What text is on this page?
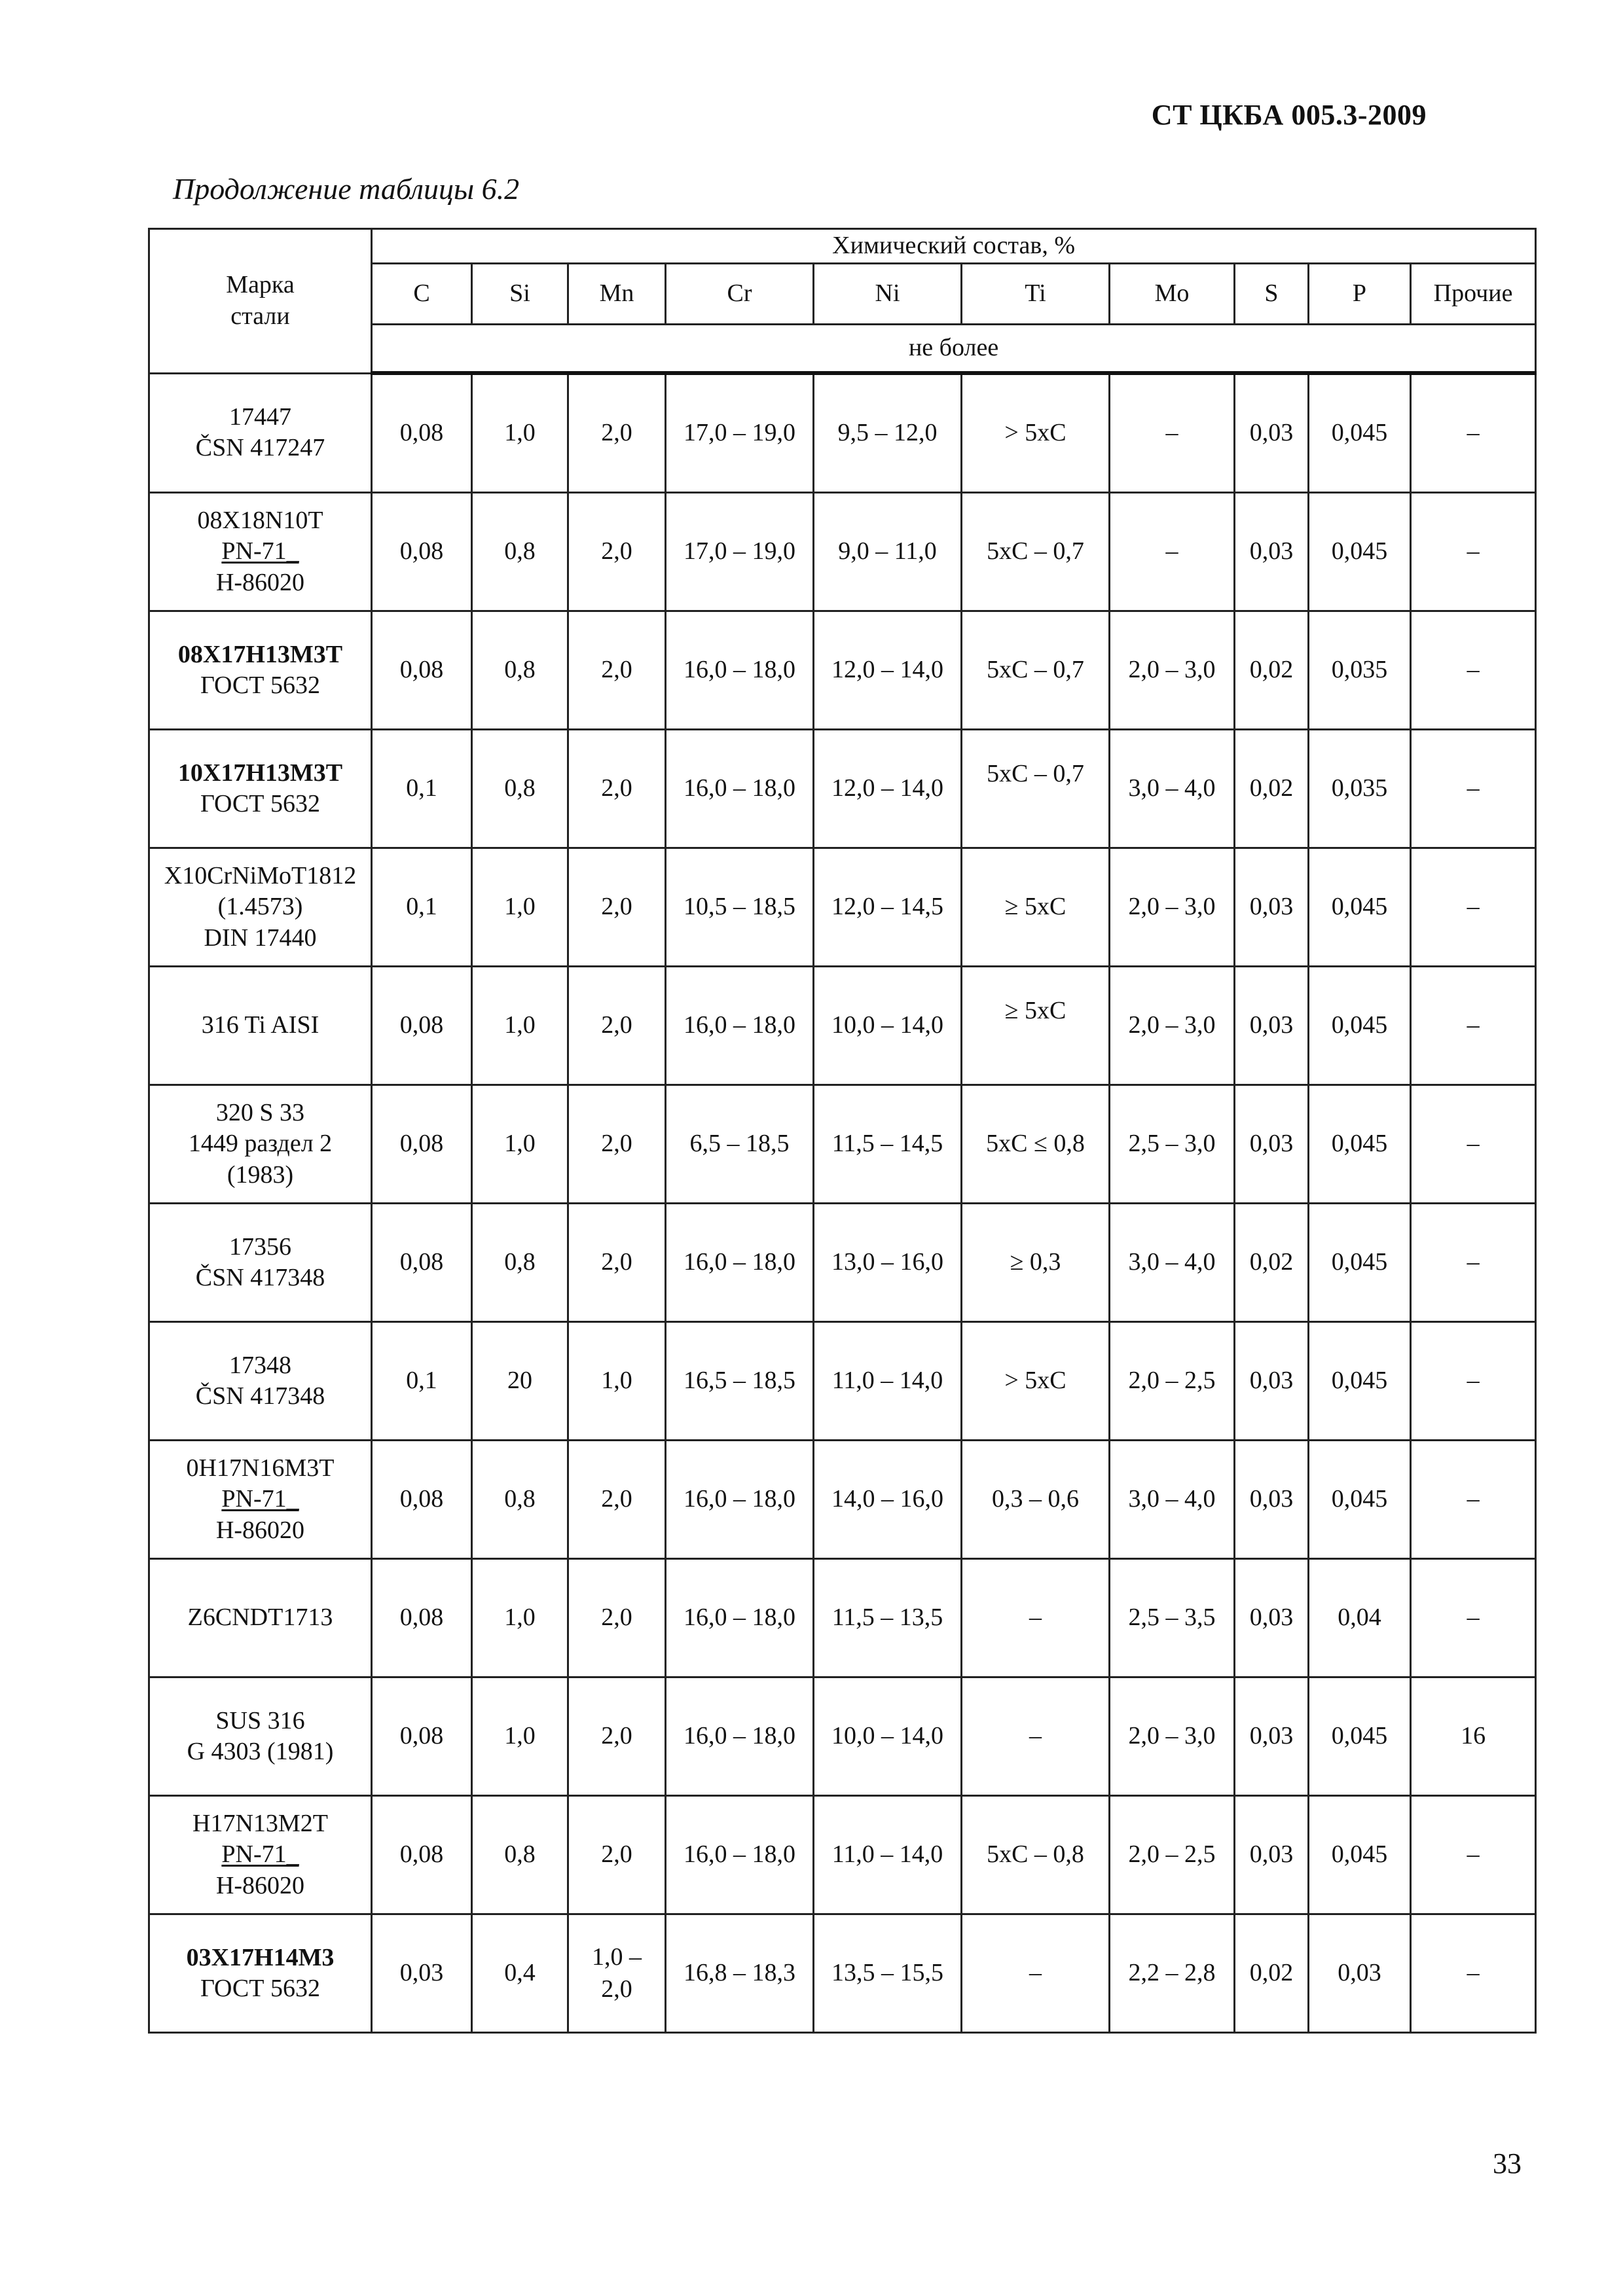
СТ ЦКБА 005.3-2009
Продолжение таблицы 6.2
Марка
стали	Химический состав, %									
	C	Si	Mn	Cr	Ni	Ti	Mo	S	P	Прочие
	не более									

17447
ČSN 417247	0,08	1,0	2,0	17,0 – 19,0	9,5 – 12,0	> 5хС	–	0,03	0,045	–

08Х18N10T
PN-71_
H-86020	0,08	0,8	2,0	17,0 – 19,0	9,0 – 11,0	5хС – 0,7	–	0,03	0,045	–

08Х17Н13М3Т
ГОСТ 5632	0,08	0,8	2,0	16,0 – 18,0	12,0 – 14,0	5хС – 0,7	2,0 – 3,0	0,02	0,035	–

10Х17Н13М3Т
ГОСТ 5632	0,1	0,8	2,0	16,0 – 18,0	12,0 – 14,0	5хС – 0,7	3,0 – 4,0	0,02	0,035	–

X10CrNiMoT1812
(1.4573)
DIN 17440	0,1	1,0	2,0	10,5 – 18,5	12,0 – 14,5	≥ 5хС	2,0 – 3,0	0,03	0,045	–

316 Ti AISI	0,08	1,0	2,0	16,0 – 18,0	10,0 – 14,0	≥ 5хС	2,0 – 3,0	0,03	0,045	–

320 S 33
1449 раздел 2
(1983)	0,08	1,0	2,0	6,5 – 18,5	11,5 – 14,5	5хС ≤ 0,8	2,5 – 3,0	0,03	0,045	–

17356
ČSN 417348	0,08	0,8	2,0	16,0 – 18,0	13,0 – 16,0	≥ 0,3	3,0 – 4,0	0,02	0,045	–

17348
ČSN 417348	0,1	20	1,0	16,5 – 18,5	11,0 – 14,0	> 5хС	2,0 – 2,5	0,03	0,045	–

0H17N16M3T
PN-71_
H-86020	0,08	0,8	2,0	16,0 – 18,0	14,0 – 16,0	0,3 – 0,6	3,0 – 4,0	0,03	0,045	–

Z6CNDT1713	0,08	1,0	2,0	16,0 – 18,0	11,5 – 13,5	–	2,5 – 3,5	0,03	0,04	–

SUS 316
G 4303 (1981)	0,08	1,0	2,0	16,0 – 18,0	10,0 – 14,0	–	2,0 – 3,0	0,03	0,045	16

H17N13M2T
PN-71_
H-86020	0,08	0,8	2,0	16,0 – 18,0	11,0 – 14,0	5хС – 0,8	2,0 – 2,5	0,03	0,045	–

03Х17Н14М3
ГОСТ 5632	0,03	0,4	1,0 –
2,0	16,8 – 18,3	13,5 – 15,5	–	2,2 – 2,8	0,02	0,03	–
33
